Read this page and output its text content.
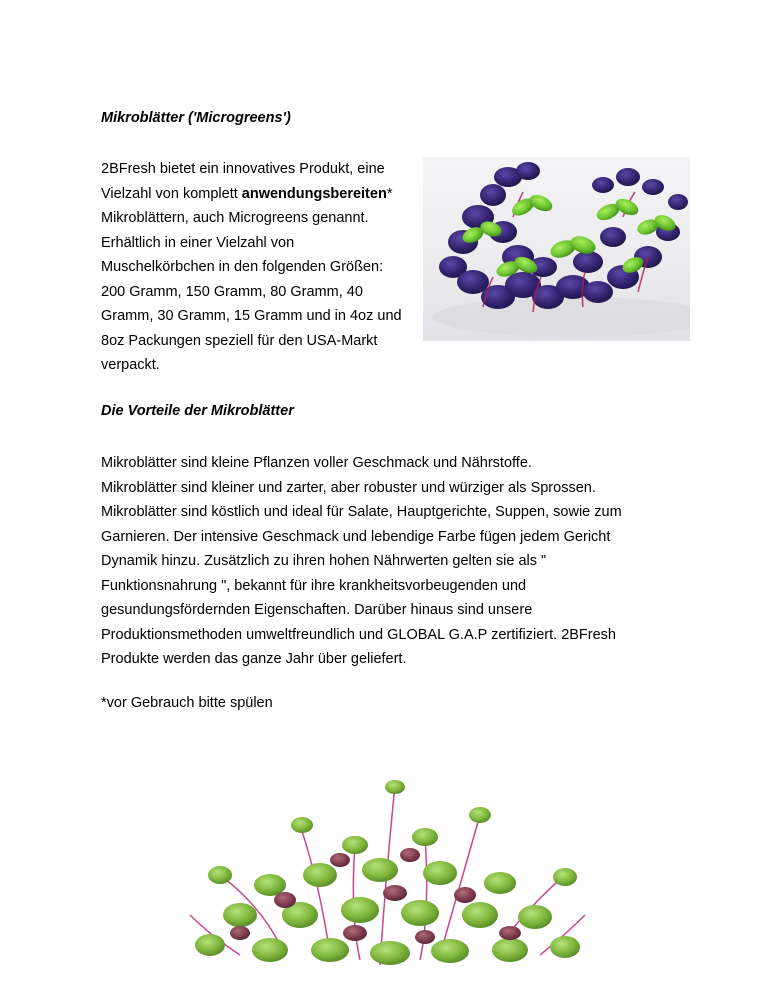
Mikroblätter ('Microgreens')

2BFresh bietet ein innovatives Produkt, eine
Vielzahl von komplett anwendungsbereiten*
Mikroblättern, auch Microgreens genannt.
Erhältlich in einer Vielzahl von
Muschelkörbchen in den folgenden Größen:
200 Gramm, 150 Gramm, 80 Gramm, 40
Gramm, 30 Gramm, 15 Gramm und in 4oz und
8oz Packungen speziell für den USA-Markt
verpackt.

Die Vorteile der Mikroblätter

Mikroblätter sind kleine Pflanzen voller Geschmack und Nährstoffe.
Mikroblätter sind kleiner und zarter, aber robuster und würziger als Sprossen.
Mikroblätter sind köstlich und ideal für Salate, Hauptgerichte, Suppen, sowie zum
Garnieren. Der intensive Geschmack und lebendige Farbe fügen jedem Gericht
Dynamik hinzu. Zusätzlich zu ihren hohen Nährwerten gelten sie als "
Funktionsnahrung ", bekannt für ihre krankheitsvorbeugenden und
gesundungsfördernden Eigenschaften. Darüber hinaus sind unsere
Produktionsmethoden umweltfreundlich und GLOBAL G.A.P zertifiziert. 2BFresh
Produkte werden das ganze Jahr über geliefert.

*vor Gebrauch bitte spülen
